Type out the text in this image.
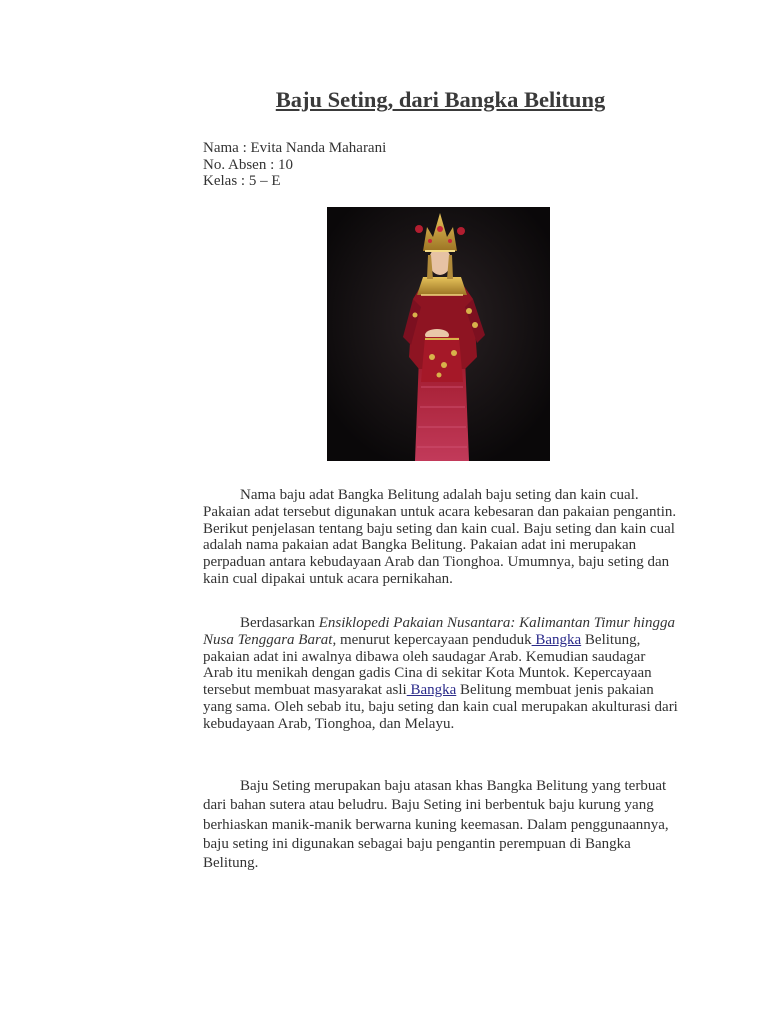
Baju Seting, dari Bangka Belitung
Nama : Evita Nanda Maharani
No. Absen : 10
Kelas : 5 – E

Nama baju adat Bangka Belitung adalah baju seting dan kain cual. Pakaian adat tersebut digunakan untuk acara kebesaran dan pakaian pengantin. Berikut penjelasan tentang baju seting dan kain cual. Baju seting dan kain cual adalah nama pakaian adat Bangka Belitung. Pakaian adat ini merupakan perpaduan antara kebudayaan Arab dan Tionghoa. Umumnya, baju seting dan kain cual dipakai untuk acara pernikahan.

Berdasarkan Ensiklopedi Pakaian Nusantara: Kalimantan Timur hingga Nusa Tenggara Barat, menurut kepercayaan penduduk Bangka Belitung, pakaian adat ini awalnya dibawa oleh saudagar Arab. Kemudian saudagar Arab itu menikah dengan gadis Cina di sekitar Kota Muntok. Kepercayaan tersebut membuat masyarakat asli Bangka Belitung membuat jenis pakaian yang sama. Oleh sebab itu, baju seting dan kain cual merupakan akulturasi dari kebudayaan Arab, Tionghoa, dan Melayu.

Baju Seting merupakan baju atasan khas Bangka Belitung yang terbuat dari bahan sutera atau beludru. Baju Seting ini berbentuk baju kurung yang berhiaskan manik-manik berwarna kuning keemasan. Dalam penggunaannya, baju seting ini digunakan sebagai baju pengantin perempuan di Bangka Belitung.
